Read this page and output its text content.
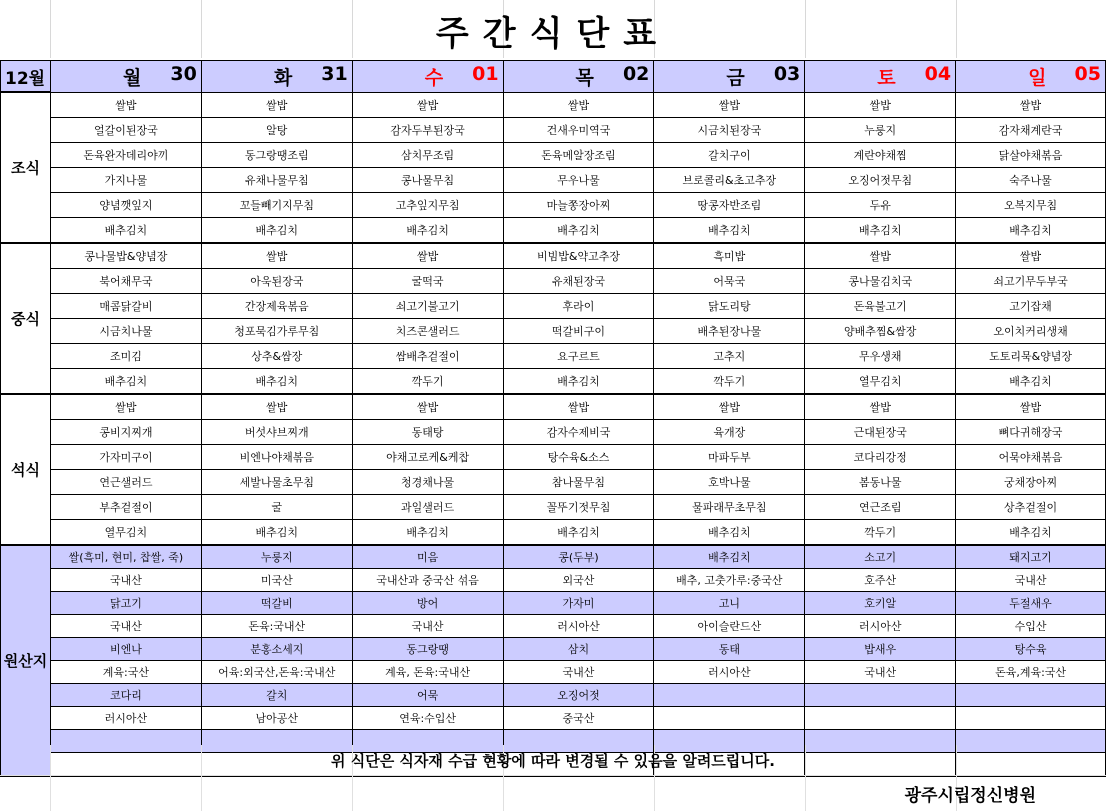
주간식단표
12월	월 30	화 31	수 01	목 02	금 03	토 04	일 05

조식	쌀밥	쌀밥	쌀밥	쌀밥	쌀밥	쌀밥	쌀밥
	얼갈이된장국	알탕	감자두부된장국	건새우미역국	시금치된장국	누룽지	감자채계란국
	돈육완자데리야끼	동그랑땡조림	삼치무조림	돈육메알장조림	갈치구이	계란야채찜	닭살야채볶음
	가지나물	유채나물무침	콩나물무침	무우나물	브로콜리&초고추장	오징어젓무침	숙주나물
	양념깻잎지	꼬들빼기지무침	고추잎지무침	마늘쫑장아찌	땅콩자반조림	두유	오복지무침
	배추김치	배추김치	배추김치	배추김치	배추김치	배추김치	배추김치
중식	콩나물밥&양념장	쌀밥	쌀밥	비빔밥&약고추장	흑미밥	쌀밥	쌀밥
	북어채무국	아욱된장국	굴떡국	유채된장국	어묵국	콩나물김치국	쇠고기무두부국
	매콤닭갈비	간장제육볶음	쇠고기불고기	후라이	닭도리탕	돈육불고기	고기잡채
	시금치나물	청포묵김가루무침	치즈콘샐러드	떡갈비구이	배추된장나물	양배추찜&쌈장	오이치커리생채
	조미김	상추&쌈장	쌈배추겉절이	요구르트	고추지	무우생채	도토리묵&양념장
	배추김치	배추김치	깍두기	배추김치	깍두기	열무김치	배추김치
석식	쌀밥	쌀밥	쌀밥	쌀밥	쌀밥	쌀밥	쌀밥
	콩비지찌개	버섯샤브찌개	동태탕	감자수제비국	육개장	근대된장국	뼈다귀해장국
	가자미구이	비엔나야채볶음	야채고로케&케찹	탕수육&소스	마파두부	코다리강정	어묵야채볶음
	연근샐러드	세발나물초무침	청경채나물	참나물무침	호박나물	봄동나물	궁채장아찌
	부추겉절이	굴	과일샐러드	꼴뚜기젓무침	물파래무초무침	연근조림	상추겉절이
	열무김치	배추김치	배추김치	배추김치	배추김치	깍두기	배추김치
원산지	쌀(흑미, 현미, 찹쌀, 죽)	누룽지	미음	콩(두부)	배추김치	소고기	돼지고기
	국내산	미국산	국내산과 중국산 섞음	외국산	배추, 고춧가루:중국산	호주산	국내산
	닭고기	떡갈비	방어	가자미	고니	호키알	두절새우
	국내산	돈육:국내산	국내산	러시아산	아이슬란드산	러시아산	수입산
	비엔나	분홍소세지	동그랑땡	삼치	동태	밥새우	탕수육
	계육:국산	어육:외국산,돈육:국내산	계육, 돈육:국내산	국내산	러시아산	국내산	돈육,계육:국산
	코다리	갈치	어묵	오징어젓			
	러시아산	남아공산	연육:수입산	중국산			

위 식단은 식자재 수급 현황에 따라 변경될 수 있음을 알려드립니다.
광주시립정신병원
